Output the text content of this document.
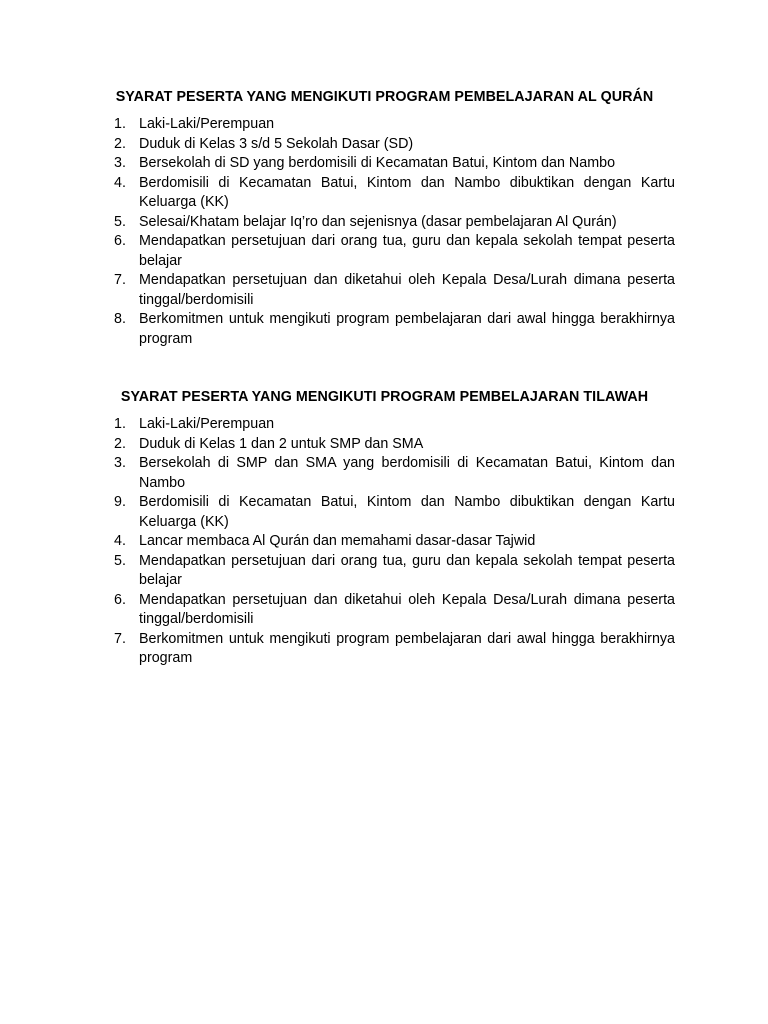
SYARAT PESERTA YANG MENGIKUTI PROGRAM PEMBELAJARAN AL QURÁN
1. Laki-Laki/Perempuan
2. Duduk di Kelas 3 s/d 5 Sekolah Dasar (SD)
3. Bersekolah di SD yang berdomisili di Kecamatan Batui, Kintom dan Nambo
4. Berdomisili di Kecamatan Batui, Kintom dan Nambo dibuktikan dengan Kartu Keluarga (KK)
5. Selesai/Khatam belajar Iq’ro dan sejenisnya (dasar pembelajaran Al Qurán)
6. Mendapatkan persetujuan dari orang tua, guru dan kepala sekolah tempat peserta belajar
7. Mendapatkan persetujuan dan diketahui oleh Kepala Desa/Lurah dimana peserta tinggal/berdomisili
8. Berkomitmen untuk mengikuti program pembelajaran dari awal hingga berakhirnya program
SYARAT PESERTA YANG MENGIKUTI PROGRAM PEMBELAJARAN TILAWAH
1. Laki-Laki/Perempuan
2. Duduk di Kelas 1 dan 2 untuk SMP dan SMA
3. Bersekolah di SMP dan SMA yang berdomisili di Kecamatan Batui, Kintom dan Nambo
9. Berdomisili di Kecamatan Batui, Kintom dan Nambo dibuktikan dengan Kartu Keluarga (KK)
4. Lancar membaca Al Qurán dan memahami dasar-dasar Tajwid
5. Mendapatkan persetujuan dari orang tua, guru dan kepala sekolah tempat peserta belajar
6. Mendapatkan persetujuan dan diketahui oleh Kepala Desa/Lurah dimana peserta tinggal/berdomisili
7. Berkomitmen untuk mengikuti program pembelajaran dari awal hingga berakhirnya program
